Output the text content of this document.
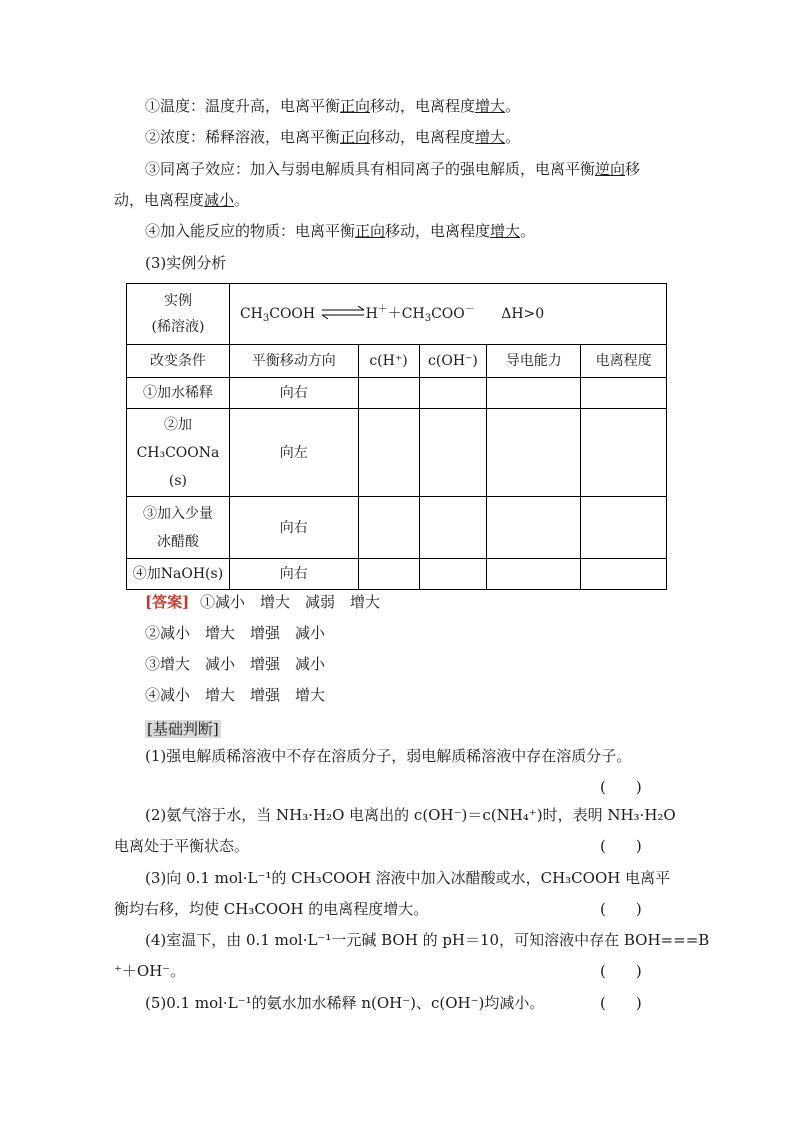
①温度：温度升高，电离平衡正向移动，电离程度增大。
②浓度：稀释溶液，电离平衡正向移动，电离程度增大。
③同离子效应：加入与弱电解质具有相同离子的强电解质，电离平衡逆向移
动，电离程度减小。
④加入能反应的物质：电离平衡正向移动，电离程度增大。
(3)实例分析
实例
(稀溶液)	$CH_3COOH$ $\rightleftharpoons H^++CH_3COO^-$ ΔH>0				
改变条件	平衡移动方向	c(H⁺)	c(OH⁻)	导电能力	电离程度
①加水稀释	向右				
②加
CH₃COONa
(s)	向左				
③加入少量
冰醋酸	向右				
④加NaOH(s)	向右				
[答案] ①减小　增大　减弱　增大
②减小　增大　增强　减小
③增大　减小　增强　减小
④减小　增大　增强　增大
[基础判断]
(1)强电解质稀溶液中不存在溶质分子，弱电解质稀溶液中存在溶质分子。
(　　)
(2)氨气溶于水，当 NH₃·H₂O 电离出的 c(OH⁻)＝c(NH₄⁺)时，表明 NH₃·H₂O
电离处于平衡状态。	(　　)
(3)向 0.1 mol·L⁻¹的 CH₃COOH 溶液中加入冰醋酸或水，CH₃COOH 电离平
衡均右移，均使 CH₃COOH 的电离程度增大。	(　　)
(4)室温下，由 0.1 mol·L⁻¹一元碱 BOH 的 pH＝10，可知溶液中存在 BOH===B
⁺＋OH⁻。	(　　)
(5)0.1 mol·L⁻¹的氨水加水稀释 n(OH⁻)、c(OH⁻)均减小。	(　　)
